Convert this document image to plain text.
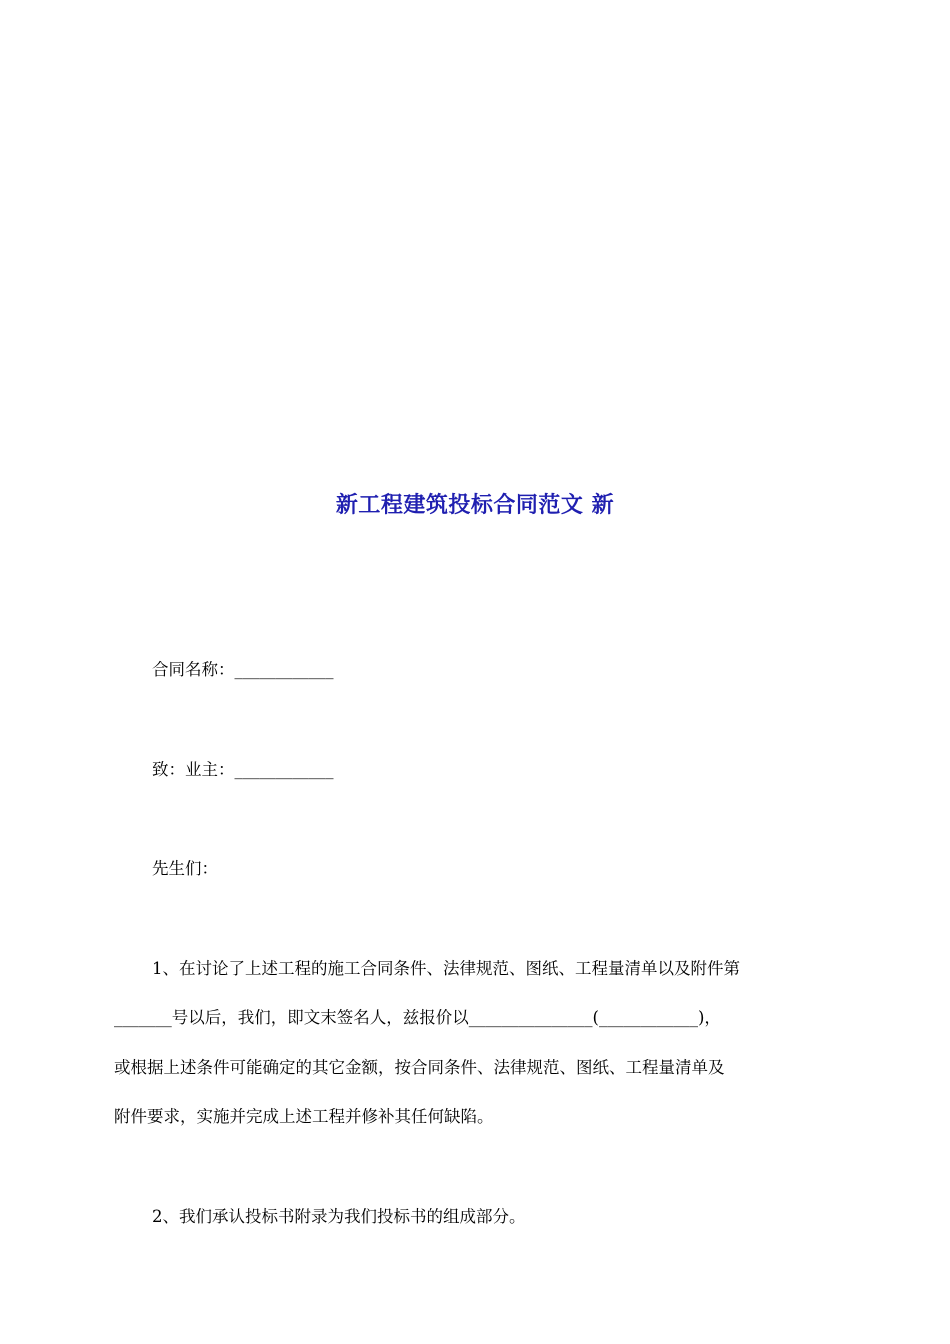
新工程建筑投标合同范文 新
合同名称：____________
致：业主：____________
先生们：
1、在讨论了上述工程的施工合同条件、法律规范、图纸、工程量清单以及附件第
_______号以后，我们，即文末签名人，兹报价以_______________(____________)，
或根据上述条件可能确定的其它金额，按合同条件、法律规范、图纸、工程量清单及
附件要求，实施并完成上述工程并修补其任何缺陷。
2、我们承认投标书附录为我们投标书的组成部分。
